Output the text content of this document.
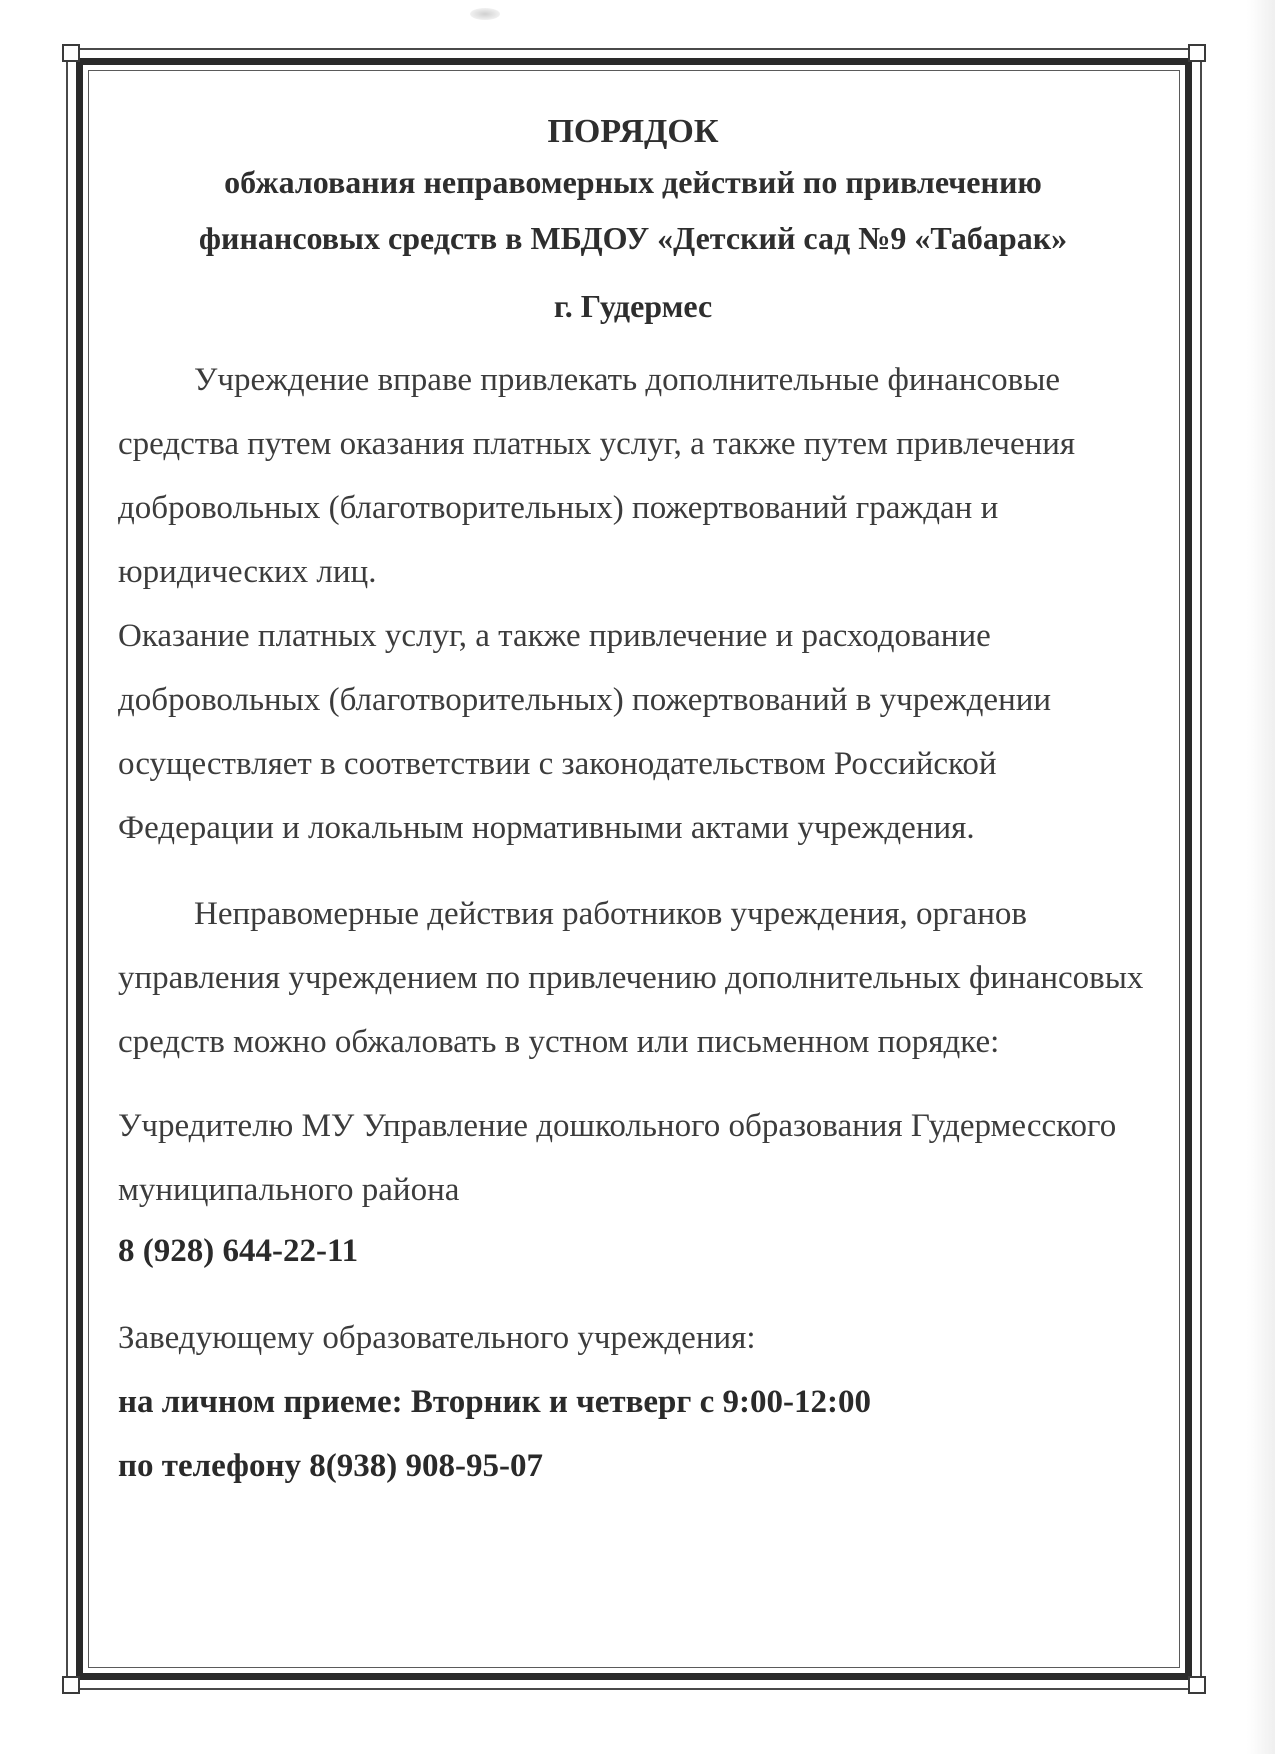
ПОРЯДОК

обжалования неправомерных действий по привлечению

финансовых средств в МБДОУ «Детский сад №9 «Табарак»

г. Гудермес

Учреждение вправе привлекать дополнительные финансовые средства путем оказания платных услуг, а также путем привлечения добровольных (благотворительных) пожертвований граждан и юридических лиц.

Оказание платных услуг, а также привлечение и расходование добровольных (благотворительных) пожертвований в учреждении осуществляет в соответствии с законодательством Российской Федерации и локальным нормативными актами учреждения.

Неправомерные действия работников учреждения, органов управления учреждением по привлечению дополнительных финансовых средств можно обжаловать в устном или письменном порядке:

Учредителю МУ Управление дошкольного образования Гудермесского муниципального района

8 (928) 644-22-11

Заведующему образовательного учреждения:

на личном приеме: Вторник и четверг с 9:00-12:00

по телефону 8(938) 908-95-07
